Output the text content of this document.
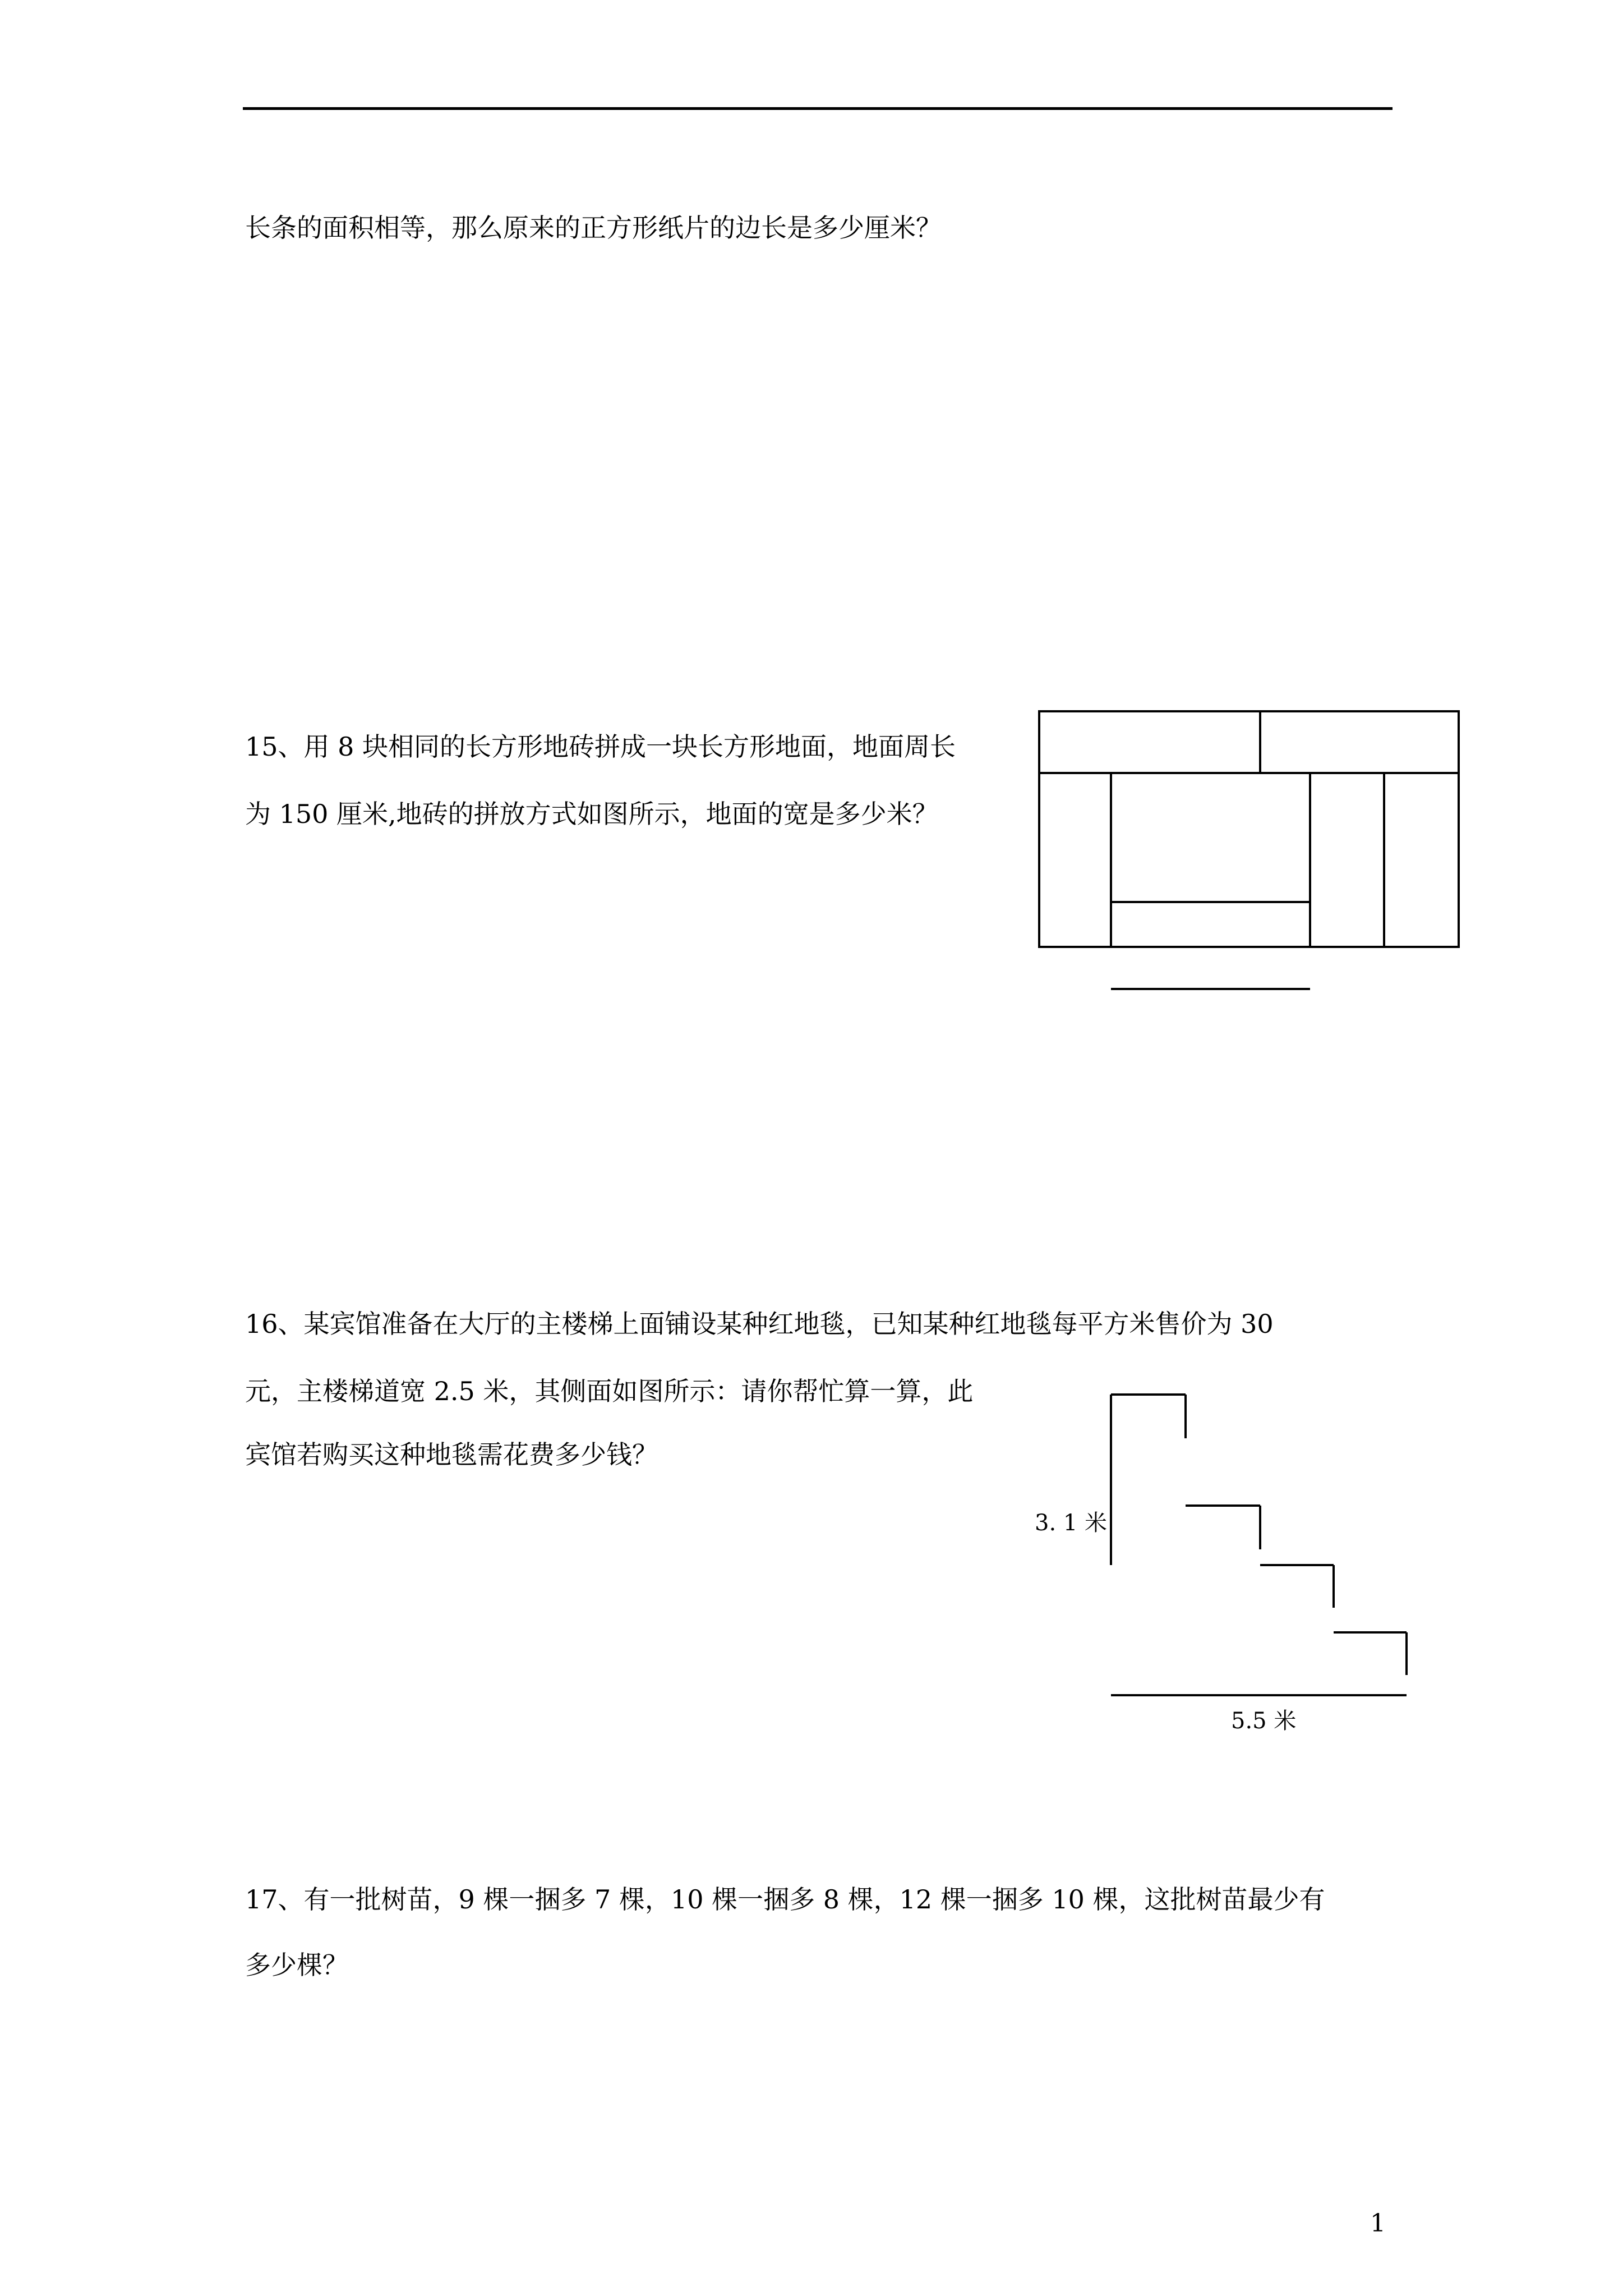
长条的面积相等，那么原来的正方形纸片的边长是多少厘米？
15、用 8 块相同的长方形地砖拼成一块长方形地面，地面周长
为 150 厘米,地砖的拼放方式如图所示，地面的宽是多少米？
16、某宾馆准备在大厅的主楼梯上面铺设某种红地毯，已知某种红地毯每平方米售价为 30
元，主楼梯道宽 2.5 米，其侧面如图所示：请你帮忙算一算，此
宾馆若购买这种地毯需花费多少钱？
3. 1 米
5.5 米
17、有一批树苗，9 棵一捆多 7 棵，10 棵一捆多 8 棵，12 棵一捆多 10 棵，这批树苗最少有
多少棵？
1
